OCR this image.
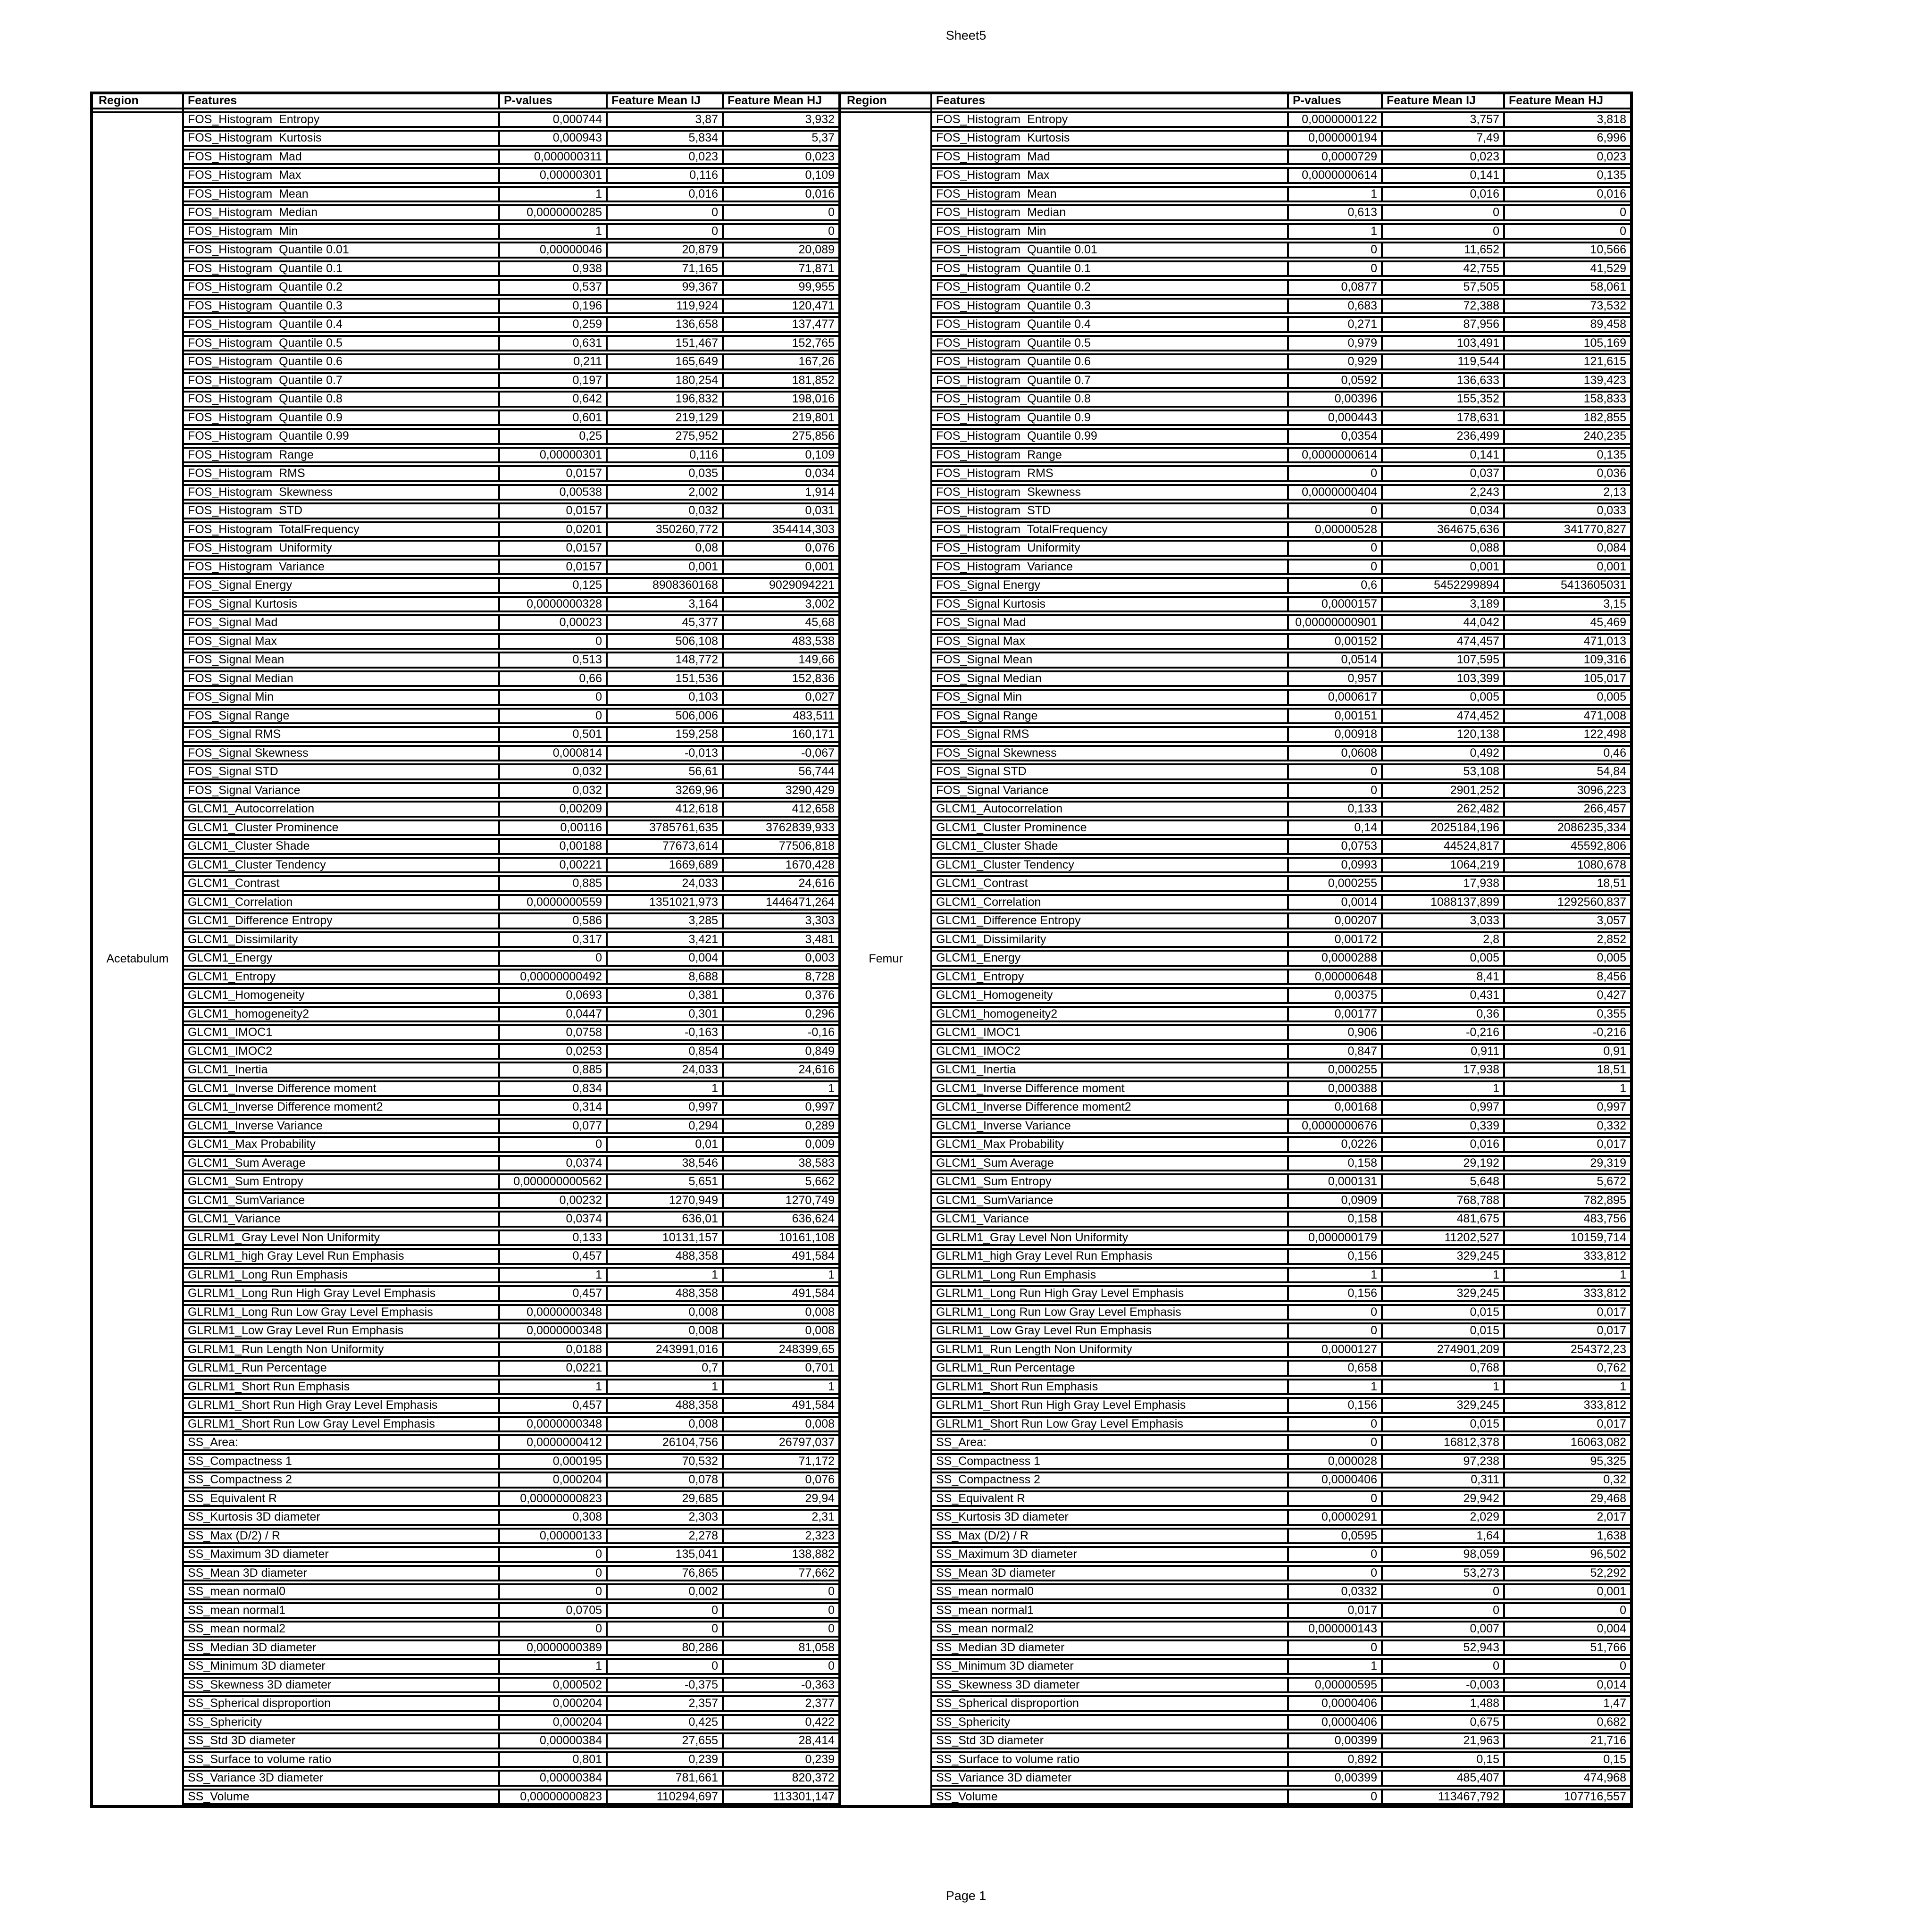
Sheet5
Region
Acetabulum
Features	P-values	Feature Mean IJ	Feature Mean HJ
FOS_Histogram  Entropy	0,000744	3,87	3,932
FOS_Histogram  Kurtosis	0,000943	5,834	5,37
FOS_Histogram  Mad	0,000000311	0,023	0,023
FOS_Histogram  Max	0,00000301	0,116	0,109
FOS_Histogram  Mean	1	0,016	0,016
FOS_Histogram  Median	0,0000000285	0	0
FOS_Histogram  Min	1	0	0
FOS_Histogram  Quantile 0.01	0,00000046	20,879	20,089
FOS_Histogram  Quantile 0.1	0,938	71,165	71,871
FOS_Histogram  Quantile 0.2	0,537	99,367	99,955
FOS_Histogram  Quantile 0.3	0,196	119,924	120,471
FOS_Histogram  Quantile 0.4	0,259	136,658	137,477
FOS_Histogram  Quantile 0.5	0,631	151,467	152,765
FOS_Histogram  Quantile 0.6	0,211	165,649	167,26
FOS_Histogram  Quantile 0.7	0,197	180,254	181,852
FOS_Histogram  Quantile 0.8	0,642	196,832	198,016
FOS_Histogram  Quantile 0.9	0,601	219,129	219,801
FOS_Histogram  Quantile 0.99	0,25	275,952	275,856
FOS_Histogram  Range	0,00000301	0,116	0,109
FOS_Histogram  RMS	0,0157	0,035	0,034
FOS_Histogram  Skewness	0,00538	2,002	1,914
FOS_Histogram  STD	0,0157	0,032	0,031
FOS_Histogram  TotalFrequency	0,0201	350260,772	354414,303
FOS_Histogram  Uniformity	0,0157	0,08	0,076
FOS_Histogram  Variance	0,0157	0,001	0,001
FOS_Signal Energy	0,125	8908360168	9029094221
FOS_Signal Kurtosis	0,0000000328	3,164	3,002
FOS_Signal Mad	0,00023	45,377	45,68
FOS_Signal Max	0	506,108	483,538
FOS_Signal Mean	0,513	148,772	149,66
FOS_Signal Median	0,66	151,536	152,836
FOS_Signal Min	0	0,103	0,027
FOS_Signal Range	0	506,006	483,511
FOS_Signal RMS	0,501	159,258	160,171
FOS_Signal Skewness	0,000814	-0,013	-0,067
FOS_Signal STD	0,032	56,61	56,744
FOS_Signal Variance	0,032	3269,96	3290,429
GLCM1_Autocorrelation	0,00209	412,618	412,658
GLCM1_Cluster Prominence	0,00116	3785761,635	3762839,933
GLCM1_Cluster Shade	0,00188	77673,614	77506,818
GLCM1_Cluster Tendency	0,00221	1669,689	1670,428
GLCM1_Contrast	0,885	24,033	24,616
GLCM1_Correlation	0,0000000559	1351021,973	1446471,264
GLCM1_Difference Entropy	0,586	3,285	3,303
GLCM1_Dissimilarity	0,317	3,421	3,481
GLCM1_Energy	0	0,004	0,003
GLCM1_Entropy	0,00000000492	8,688	8,728
GLCM1_Homogeneity	0,0693	0,381	0,376
GLCM1_homogeneity2	0,0447	0,301	0,296
GLCM1_IMOC1	0,0758	-0,163	-0,16
GLCM1_IMOC2	0,0253	0,854	0,849
GLCM1_Inertia	0,885	24,033	24,616
GLCM1_Inverse Difference moment	0,834	1	1
GLCM1_Inverse Difference moment2	0,314	0,997	0,997
GLCM1_Inverse Variance	0,077	0,294	0,289
GLCM1_Max Probability	0	0,01	0,009
GLCM1_Sum Average	0,0374	38,546	38,583
GLCM1_Sum Entropy	0,000000000562	5,651	5,662
GLCM1_SumVariance	0,00232	1270,949	1270,749
GLCM1_Variance	0,0374	636,01	636,624
GLRLM1_Gray Level Non Uniformity	0,133	10131,157	10161,108
GLRLM1_high Gray Level Run Emphasis	0,457	488,358	491,584
GLRLM1_Long Run Emphasis	1	1	1
GLRLM1_Long Run High Gray Level Emphasis	0,457	488,358	491,584
GLRLM1_Long Run Low Gray Level Emphasis	0,0000000348	0,008	0,008
GLRLM1_Low Gray Level Run Emphasis	0,0000000348	0,008	0,008
GLRLM1_Run Length Non Uniformity	0,0188	243991,016	248399,65
GLRLM1_Run Percentage	0,0221	0,7	0,701
GLRLM1_Short Run Emphasis	1	1	1
GLRLM1_Short Run High Gray Level Emphasis	0,457	488,358	491,584
GLRLM1_Short Run Low Gray Level Emphasis	0,0000000348	0,008	0,008
SS_Area:	0,0000000412	26104,756	26797,037
SS_Compactness 1	0,000195	70,532	71,172
SS_Compactness 2	0,000204	0,078	0,076
SS_Equivalent R	0,00000000823	29,685	29,94
SS_Kurtosis 3D diameter	0,308	2,303	2,31
SS_Max (D/2) / R	0,00000133	2,278	2,323
SS_Maximum 3D diameter	0	135,041	138,882
SS_Mean 3D diameter	0	76,865	77,662
SS_mean normal0	0	0,002	0
SS_mean normal1	0,0705	0	0
SS_mean normal2	0	0	0
SS_Median 3D diameter	0,0000000389	80,286	81,058
SS_Minimum 3D diameter	1	0	0
SS_Skewness 3D diameter	0,000502	-0,375	-0,363
SS_Spherical disproportion	0,000204	2,357	2,377
SS_Sphericity	0,000204	0,425	0,422
SS_Std 3D diameter	0,00000384	27,655	28,414
SS_Surface to volume ratio	0,801	0,239	0,239
SS_Variance 3D diameter	0,00000384	781,661	820,372
SS_Volume	0,00000000823	110294,697	113301,147
Region
Femur
Features	P-values	Feature Mean IJ	Feature Mean HJ
FOS_Histogram  Entropy	0,0000000122	3,757	3,818
FOS_Histogram  Kurtosis	0,000000194	7,49	6,996
FOS_Histogram  Mad	0,0000729	0,023	0,023
FOS_Histogram  Max	0,0000000614	0,141	0,135
FOS_Histogram  Mean	1	0,016	0,016
FOS_Histogram  Median	0,613	0	0
FOS_Histogram  Min	1	0	0
FOS_Histogram  Quantile 0.01	0	11,652	10,566
FOS_Histogram  Quantile 0.1	0	42,755	41,529
FOS_Histogram  Quantile 0.2	0,0877	57,505	58,061
FOS_Histogram  Quantile 0.3	0,683	72,388	73,532
FOS_Histogram  Quantile 0.4	0,271	87,956	89,458
FOS_Histogram  Quantile 0.5	0,979	103,491	105,169
FOS_Histogram  Quantile 0.6	0,929	119,544	121,615
FOS_Histogram  Quantile 0.7	0,0592	136,633	139,423
FOS_Histogram  Quantile 0.8	0,00396	155,352	158,833
FOS_Histogram  Quantile 0.9	0,000443	178,631	182,855
FOS_Histogram  Quantile 0.99	0,0354	236,499	240,235
FOS_Histogram  Range	0,0000000614	0,141	0,135
FOS_Histogram  RMS	0	0,037	0,036
FOS_Histogram  Skewness	0,0000000404	2,243	2,13
FOS_Histogram  STD	0	0,034	0,033
FOS_Histogram  TotalFrequency	0,00000528	364675,636	341770,827
FOS_Histogram  Uniformity	0	0,088	0,084
FOS_Histogram  Variance	0	0,001	0,001
FOS_Signal Energy	0,6	5452299894	5413605031
FOS_Signal Kurtosis	0,0000157	3,189	3,15
FOS_Signal Mad	0,00000000901	44,042	45,469
FOS_Signal Max	0,00152	474,457	471,013
FOS_Signal Mean	0,0514	107,595	109,316
FOS_Signal Median	0,957	103,399	105,017
FOS_Signal Min	0,000617	0,005	0,005
FOS_Signal Range	0,00151	474,452	471,008
FOS_Signal RMS	0,00918	120,138	122,498
FOS_Signal Skewness	0,0608	0,492	0,46
FOS_Signal STD	0	53,108	54,84
FOS_Signal Variance	0	2901,252	3096,223
GLCM1_Autocorrelation	0,133	262,482	266,457
GLCM1_Cluster Prominence	0,14	2025184,196	2086235,334
GLCM1_Cluster Shade	0,0753	44524,817	45592,806
GLCM1_Cluster Tendency	0,0993	1064,219	1080,678
GLCM1_Contrast	0,000255	17,938	18,51
GLCM1_Correlation	0,0014	1088137,899	1292560,837
GLCM1_Difference Entropy	0,00207	3,033	3,057
GLCM1_Dissimilarity	0,00172	2,8	2,852
GLCM1_Energy	0,0000288	0,005	0,005
GLCM1_Entropy	0,00000648	8,41	8,456
GLCM1_Homogeneity	0,00375	0,431	0,427
GLCM1_homogeneity2	0,00177	0,36	0,355
GLCM1_IMOC1	0,906	-0,216	-0,216
GLCM1_IMOC2	0,847	0,911	0,91
GLCM1_Inertia	0,000255	17,938	18,51
GLCM1_Inverse Difference moment	0,000388	1	1
GLCM1_Inverse Difference moment2	0,00168	0,997	0,997
GLCM1_Inverse Variance	0,0000000676	0,339	0,332
GLCM1_Max Probability	0,0226	0,016	0,017
GLCM1_Sum Average	0,158	29,192	29,319
GLCM1_Sum Entropy	0,000131	5,648	5,672
GLCM1_SumVariance	0,0909	768,788	782,895
GLCM1_Variance	0,158	481,675	483,756
GLRLM1_Gray Level Non Uniformity	0,000000179	11202,527	10159,714
GLRLM1_high Gray Level Run Emphasis	0,156	329,245	333,812
GLRLM1_Long Run Emphasis	1	1	1
GLRLM1_Long Run High Gray Level Emphasis	0,156	329,245	333,812
GLRLM1_Long Run Low Gray Level Emphasis	0	0,015	0,017
GLRLM1_Low Gray Level Run Emphasis	0	0,015	0,017
GLRLM1_Run Length Non Uniformity	0,0000127	274901,209	254372,23
GLRLM1_Run Percentage	0,658	0,768	0,762
GLRLM1_Short Run Emphasis	1	1	1
GLRLM1_Short Run High Gray Level Emphasis	0,156	329,245	333,812
GLRLM1_Short Run Low Gray Level Emphasis	0	0,015	0,017
SS_Area:	0	16812,378	16063,082
SS_Compactness 1	0,000028	97,238	95,325
SS_Compactness 2	0,0000406	0,311	0,32
SS_Equivalent R	0	29,942	29,468
SS_Kurtosis 3D diameter	0,0000291	2,029	2,017
SS_Max (D/2) / R	0,0595	1,64	1,638
SS_Maximum 3D diameter	0	98,059	96,502
SS_Mean 3D diameter	0	53,273	52,292
SS_mean normal0	0,0332	0	0,001
SS_mean normal1	0,017	0	0
SS_mean normal2	0,000000143	0,007	0,004
SS_Median 3D diameter	0	52,943	51,766
SS_Minimum 3D diameter	1	0	0
SS_Skewness 3D diameter	0,00000595	-0,003	0,014
SS_Spherical disproportion	0,0000406	1,488	1,47
SS_Sphericity	0,0000406	0,675	0,682
SS_Std 3D diameter	0,00399	21,963	21,716
SS_Surface to volume ratio	0,892	0,15	0,15
SS_Variance 3D diameter	0,00399	485,407	474,968
SS_Volume	0	113467,792	107716,557
Page 1
